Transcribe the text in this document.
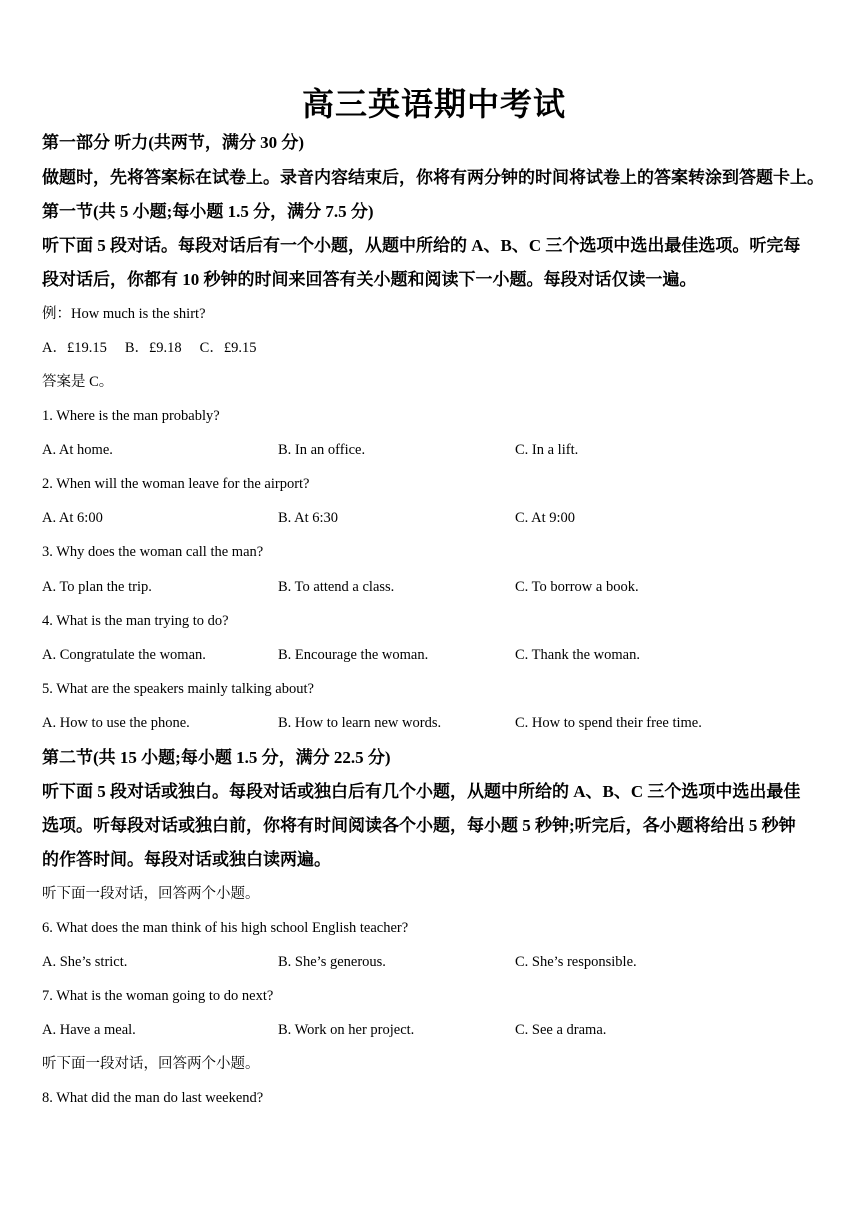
高三英语期中考试
第一部分 听力(共两节，满分 30 分)
做题时，先将答案标在试卷上。录音内容结束后，你将有两分钟的时间将试卷上的答案转涂到答题卡上。
第一节(共 5 小题;每小题 1.5 分，满分 7.5 分)
听下面 5 段对话。每段对话后有一个小题，从题中所给的 A、B、C 三个选项中选出最佳选项。听完每
段对话后，你都有 10 秒钟的时间来回答有关小题和阅读下一小题。每段对话仅读一遍。
例：How much is the shirt?
A．£19.15 B．£9.18 C．£9.15
答案是 C。
1. Where is the man probably?
A. At home.	B. In an office.	C. In a lift.
2. When will the woman leave for the airport?
A. At 6:00	B. At 6:30	C. At 9:00
3. Why does the woman call the man?
A. To plan the trip.	B. To attend a class.	C. To borrow a book.
4. What is the man trying to do?
A. Congratulate the woman.	B. Encourage the woman.	C. Thank the woman.
5. What are the speakers mainly talking about?
A. How to use the phone.	B. How to learn new words.	C. How to spend their free time.
第二节(共 15 小题;每小题 1.5 分，满分 22.5 分)
听下面 5 段对话或独白。每段对话或独白后有几个小题，从题中所给的 A、B、C 三个选项中选出最佳
选项。听每段对话或独白前，你将有时间阅读各个小题，每小题 5 秒钟;听完后，各小题将给出 5 秒钟
的作答时间。每段对话或独白读两遍。
听下面一段对话，回答两个小题。
6. What does the man think of his high school English teacher?
A. She’s strict.	B. She’s generous.	C. She’s responsible.
7. What is the woman going to do next?
A. Have a meal.	B. Work on her project.	C. See a drama.
听下面一段对话，回答两个小题。
8. What did the man do last weekend?
